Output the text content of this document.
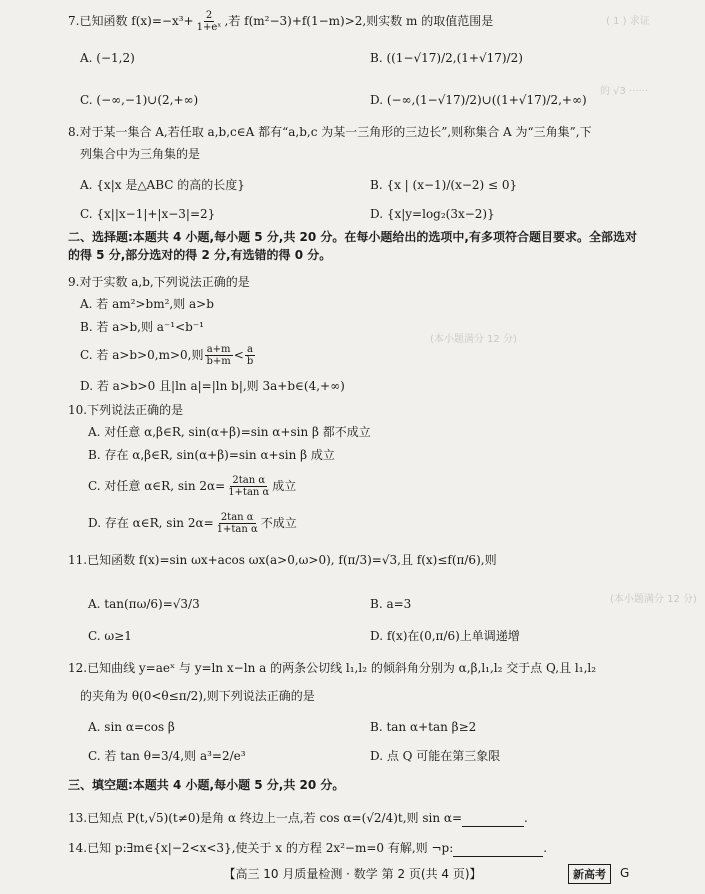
( 1 ) 求证
的 √3 ······
(本小题满分 12 分)
(本小题满分 12 分)
7.已知函数 $f(x)=-x^3+ \frac{2}{\text{1+eˣ}}$ ,若 f(m²−3)+f(1−m)>2,则实数 m 的取值范围是
A. (−1,2)	B. ((1−√17)/2,(1+√17)/2)
C. (−∞,−1)∪(2,+∞)	D. (−∞,(1−√17)/2)∪((1+√17)/2,+∞)
8.对于某一集合 A,若任取 a,b,c∈A 都有“a,b,c 为某一三角形的三边长”,则称集合 A 为“三角集”,下
列集合中为三角集的是
A. {x|x 是△ABC 的高的长度}	B. {x | (x−1)/(x−2) ≤ 0}
C. {x||x−1|+|x−3|=2}	D. {x|y=log₂(3x−2)}
二、选择题:本题共 4 小题,每小题 5 分,共 20 分。在每小题给出的选项中,有多项符合题目要求。全部选对的得 5 分,部分选对的得 2 分,有选错的得 0 分。
9.对于实数 a,b,下列说法正确的是
A. 若 am²>bm²,则 a>b
B. 若 a>b,则 a⁻¹<b⁻¹
C. 若 a>b>0,m>0,则 $\frac{a+m}{b+m} < \frac{a}{b}$
D. 若 a>b>0 且|ln a|=|ln b|,则 3a+b∈(4,+∞)
10.下列说法正确的是
A. 对任意 α,β∈R, sin(α+β)=sin α+sin β 都不成立
B. 存在 α,β∈R, sin(α+β)=sin α+sin β 成立
C. 对任意 α∈R, $\sin 2\alpha= \frac{\text{2tan α}}{\text{1+tan α}}$ 成立
D. 存在 α∈R, $\sin 2\alpha= \frac{\text{2tan α}}{\text{1+tan α}}$ 不成立
11.已知函数 f(x)=sin ωx+acos ωx(a>0,ω>0), f(π/3)=√3,且 f(x)≤f(π/6),则
A. tan(πω/6)=√3/3	B. a=3
C. ω≥1	D. f(x)在(0,π/6)上单调递增
12.已知曲线 y=aeˣ 与 y=ln x−ln a 的两条公切线 l₁,l₂ 的倾斜角分别为 α,β,l₁,l₂ 交于点 Q,且 l₁,l₂
的夹角为 θ(0<θ≤π/2),则下列说法正确的是
A. sin α=cos β	B. tan α+tan β≥2
C. 若 tan θ=3/4,则 a³=2/e³	D. 点 Q 可能在第三象限
三、填空题:本题共 4 小题,每小题 5 分,共 20 分。
13.已知点 P(t,√5)(t≠0)是角 α 终边上一点,若 cos α=(√2/4)t,则 sin α=	.
14.已知 p:∃m∈{x|−2<x<3},使关于 x 的方程 2x²−m=0 有解,则 ¬p:	.
【高三 10 月质量检测 · 数学 第 2 页(共 4 页)】	新高考	G
